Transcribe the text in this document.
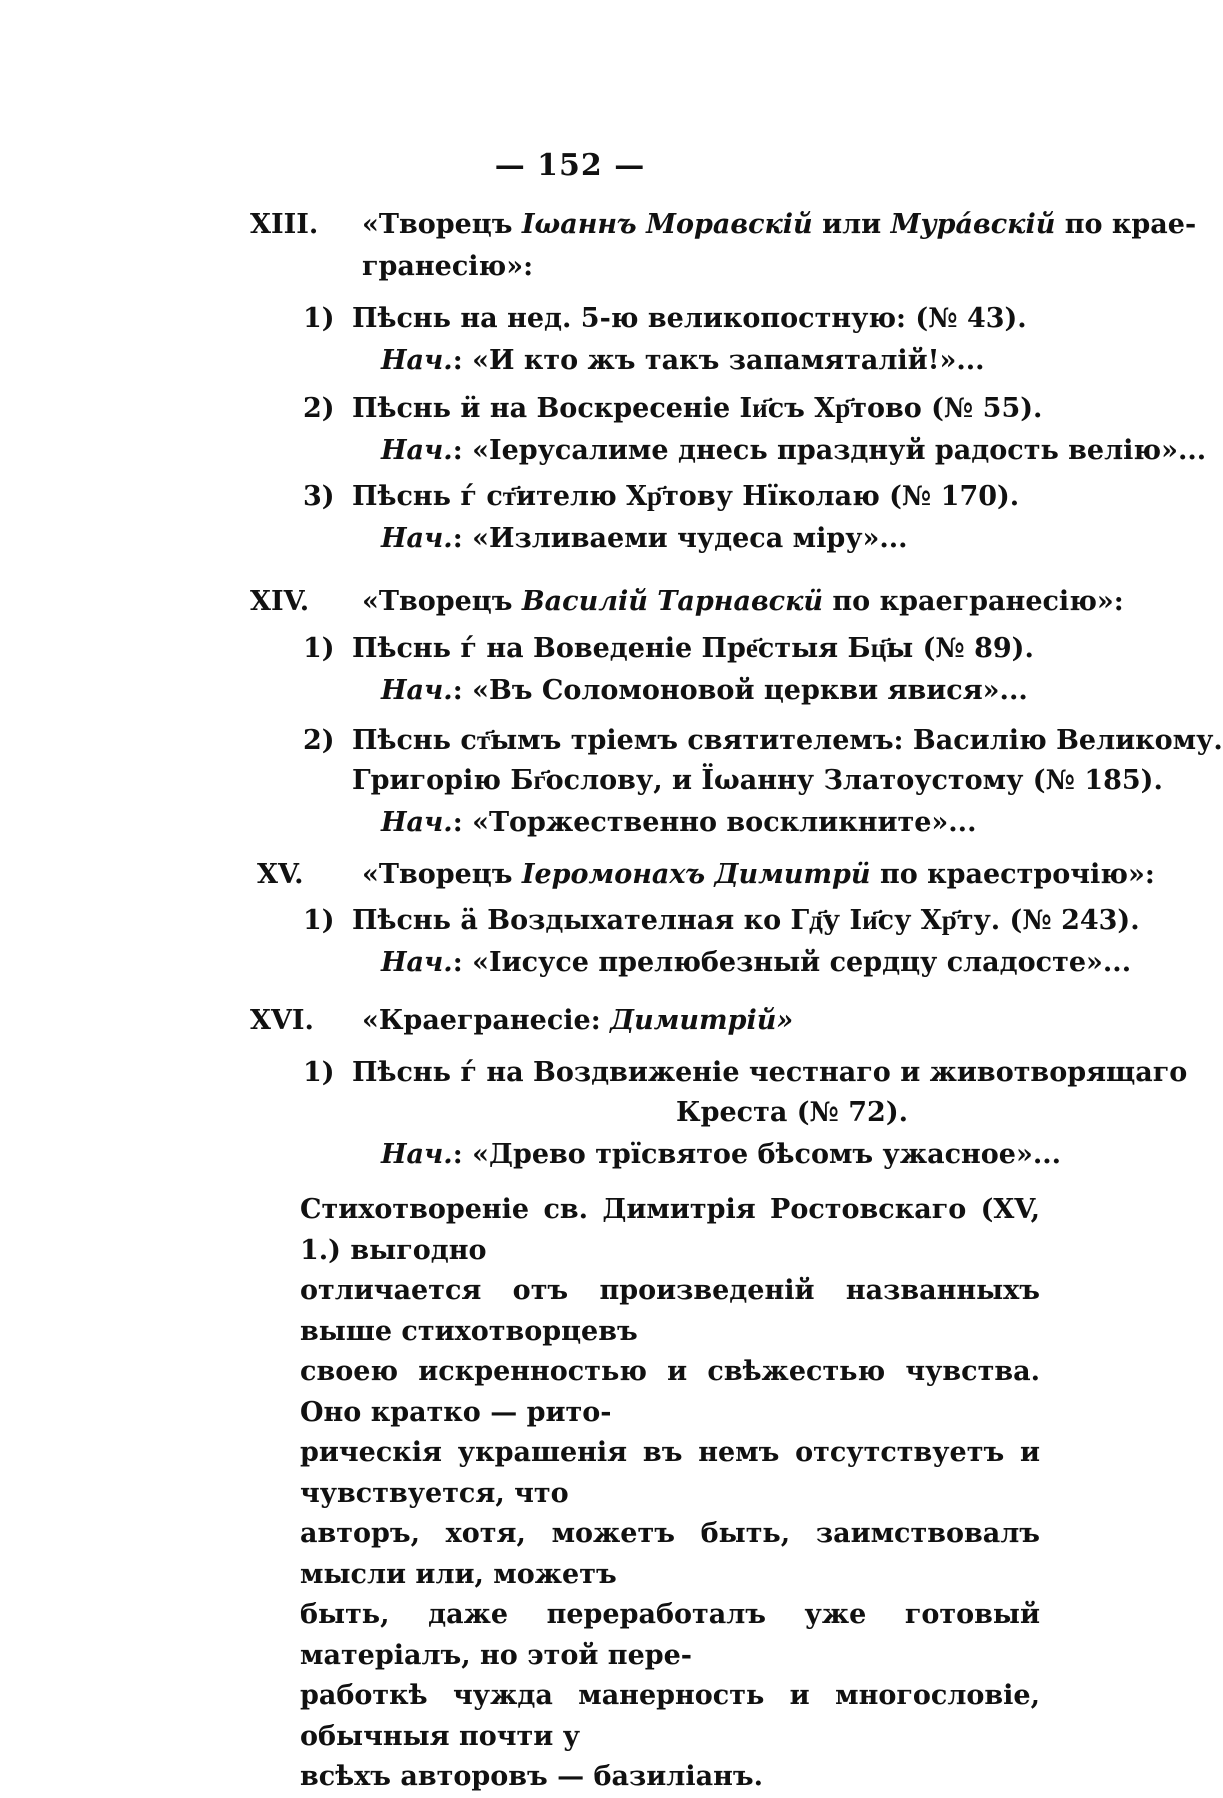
— 152 —
XIII. «Творецъ Іωаннъ Моравскій или Мурáвскій по крае-
гранесію»:
1) Пѣснь на нед. 5-ю великопостную: (№ 43).
Нач.: «И кто жъ такъ запамяталій!»...
2) Пѣснь ӥ на Воскресеніе Іи҃съ Хр҃тово (№ 55).
Нач.: «Іерусалиме днесь празднуй радость велію»...
3) Пѣснь ѓ ст҃ителю Хр҃тову Нїколаю (№ 170).
Нач.: «Изливаеми чудеса міру»...
XIV. «Творецъ Василій Тарнавскӥ по краегранесію»:
1) Пѣснь ѓ на Воведеніе Пре҃стыя Бц҃ы (№ 89).
Нач.: «Въ Соломоновой церкви явися»...
2) Пѣснь ст҃ымъ тріемъ святителемъ: Василію Великому.
Григорію Бг҃ослову, и Їωанну Златоустому (№ 185).
Нач.: «Торжественно воскликните»...
XV. «Творецъ Іеромонахъ Димитрӥ по краестрочію»:
1) Пѣснь ӓ Воздыхателная ко Гд҃у Іи҃су Хр҃ту. (№ 243).
Нач.: «Іисусе прелюбезный сердцу сладосте»...
XVI. «Краегранесіе: Димитрій»
1) Пѣснь ѓ на Воздвиженіе честнаго и животворящаго
Креста (№ 72).
Нач.: «Древо трїсвятое бѣсомъ ужасное»...

Стихотвореніе св. Димитрія Ростовскаго (XV, 1.) выгодно

отличается отъ произведеній названныхъ выше стихотворцевъ

своею искренностью и свѣжестью чувства. Оно кратко — рито-

рическія украшенія въ немъ отсутствуетъ и чувствуется, что

авторъ, хотя, можетъ быть, заимствовалъ мысли или, можетъ

быть, даже переработалъ уже готовый матеріалъ, но этой пере-

работкѣ чужда манерность и многословіе, обычныя почти у

всѣхъ авторовъ — базиліанъ.
